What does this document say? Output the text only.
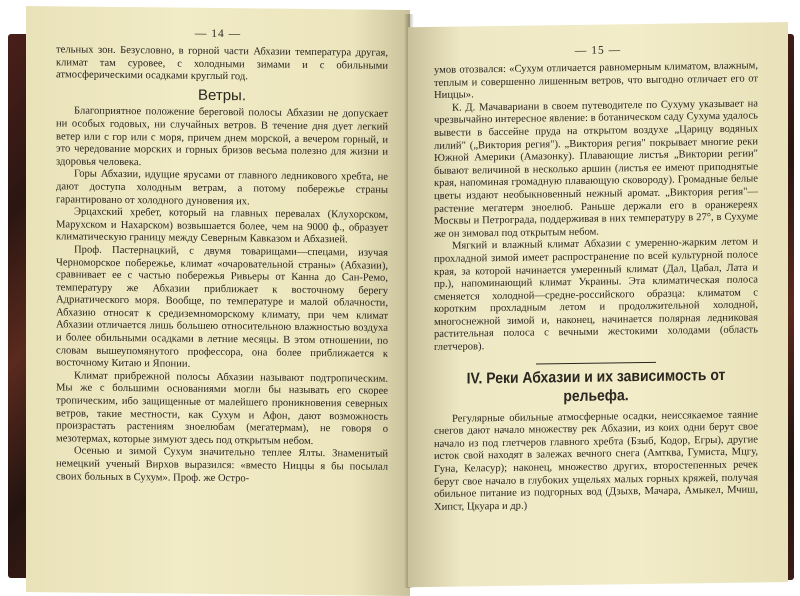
— 14 —

тельных зон. Безусловно, в горной части Абхазии температура другая, климат там суровее, с холодными зимами и с обильными атмосферическими осадками круглый год.

Ветры.

Благоприятное положение береговой полосы Абхазии не допускает ни особых годовых, ни случайных ветров. В течение дня дует легкий ветер или с гор или с моря, причем днем морской, а вечером горный, и это чередование морских и горных бризов весьма полезно для жизни и здоровья человека.

Горы Абхазии, идущие ярусами от главного ледникового хребта, не дают доступа холодным ветрам, а потому побережье страны гарантировано от холодного дуновения их.

Эрцахский хребет, который на главных перевалах (Клухорском, Марухском и Нахарском) возвышается более, чем на 9000 ф., образует климатическую границу между Северным Кавказом и Абхазией.

Проф. Пастернацкий, с двумя товарищами—спецами, изучая Черноморское побережье, климат «очаровательной страны» (Абхазии), сравнивает ее с частью побережья Ривьеры от Канна до Сан-Ремо, температуру же Абхазии приближает к восточному берегу Адриатического моря. Вообще, по температуре и малой облачности, Абхазию относят к средиземноморскому климату, при чем климат Абхазии отличается лишь большею относительною влажностью воздуха и более обильными осадками в летние месяцы. В этом отношении, по словам вышеупомянутого профессора, она более приближается к восточному Китаю и Японии.

Климат прибрежной полосы Абхазии называют подтропическим. Мы же с большими основаниями могли бы называть его скорее тропическим, ибо защищенные от малейшего проникновения северных ветров, такие местности, как Сухум и Афон, дают возможность произрастать растениям зноелюбам (мегатермам), не говоря о мезотермах, которые зимуют здесь под открытым небом.

Осенью и зимой Сухум значительно теплее Ялты. Знаменитый немецкий ученый Вирхов выразился: «вместо Ниццы я бы посылал своих больных в Сухум». Проф. же Остро-

— 15 —

умов отозвался: «Сухум отличается равномерным климатом, влажным, теплым и совершенно лишенным ветров, что выгодно отличает его от Ниццы».

К. Д. Мачавариани в своем путеводителе по Сухуму указывает на чрезвычайно интересное явление: в ботаническом саду Сухума удалось вывести в бассейне пруда на открытом воздухе „Царицу водяных лилий" („Виктория регия"). „Виктория регия" покрывает многие реки Южной Америки (Амазонку). Плавающие листья „Виктории регии" бывают величиной в несколько аршин (листья ее имеют приподнятые края, напоминая громадную плавающую сковороду). Громадные белые цветы издают необыкновенный нежный аромат. „Виктория регия"—растение мегатерм зноелюб. Раньше держали его в оранжереях Москвы и Петрограда, поддерживая в них температуру в 27°, в Сухуме же он зимовал под открытым небом.

Мягкий и влажный климат Абхазии с умеренно-жарким летом и прохладной зимой имеет распространение по всей культурной полосе края, за которой начинается умеренный климат (Дал, Цабал, Лата и пр.), напоминающий климат Украины. Эта климатическая полоса сменяется холодной—средне-российского образца: климатом с коротким прохладным летом и продолжительной холодной, многоснежной зимой и, наконец, начинается полярная ледниковая растительная полоса с вечными жестокими холодами (область глетчеров).

IV. Реки Абхазии и их зависимость от
рельефа.

Регулярные обильные атмосферные осадки, неиссякаемое таяние снегов дают начало множеству рек Абхазии, из коих одни берут свое начало из под глетчеров главного хребта (Бзыб, Кодор, Егры), другие исток свой находят в залежах вечного снега (Амтква, Гумиста, Мцгу, Гуна, Келасур); наконец, множество других, второстепенных речек берут свое начало в глубоких ущельях малых горных кряжей, получая обильное питание из подгорных вод (Дзыхв, Мачара, Амыкел, Мчиш, Хипст, Цкуара и др.)
